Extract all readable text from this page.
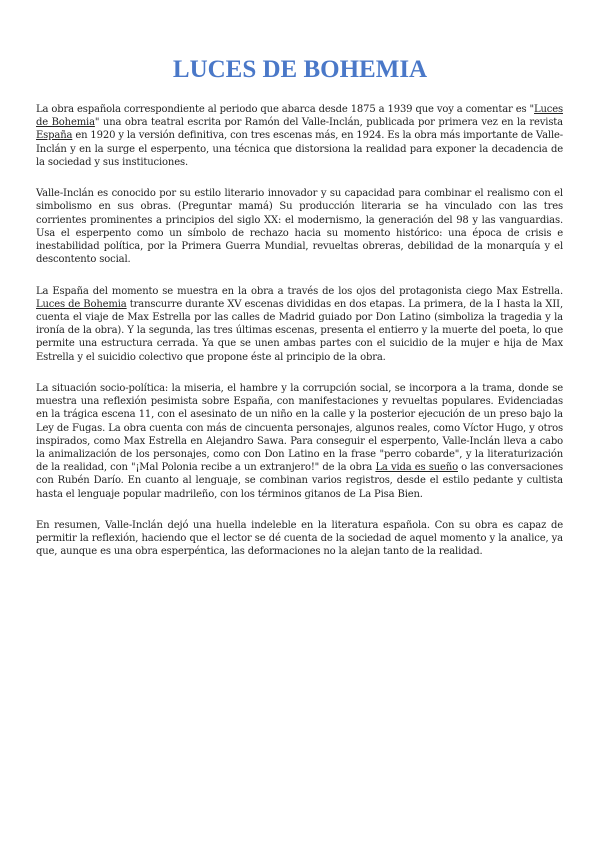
LUCES DE BOHEMIA

La obra española correspondiente al periodo que abarca desde 1875 a 1939 que voy a comentar es "Luces de Bohemia" una obra teatral escrita por Ramón del Valle-Inclán, publicada por primera vez en la revista España en 1920 y la versión definitiva, con tres escenas más, en 1924. Es la obra más importante de Valle-Inclán y en la surge el esperpento, una técnica que distorsiona la realidad para exponer la decadencia de la sociedad y sus instituciones.

Valle-Inclán es conocido por su estilo literario innovador y su capacidad para combinar el realismo con el simbolismo en sus obras. (Preguntar mamá) Su producción literaria se ha vinculado con las tres corrientes prominentes a principios del siglo XX: el modernismo, la generación del 98 y las vanguardias. Usa el esperpento como un símbolo de rechazo hacia su momento histórico: una época de crisis e inestabilidad política, por la Primera Guerra Mundial, revueltas obreras, debilidad de la monarquía y el descontento social.

La España del momento se muestra en la obra a través de los ojos del protagonista ciego Max Estrella. Luces de Bohemia transcurre durante XV escenas divididas en dos etapas. La primera, de la I hasta la XII, cuenta el viaje de Max Estrella por las calles de Madrid guiado por Don Latino (simboliza la tragedia y la ironía de la obra). Y la segunda, las tres últimas escenas, presenta el entierro y la muerte del poeta, lo que permite una estructura cerrada. Ya que se unen ambas partes con el suicidio de la mujer e hija de Max Estrella y el suicidio colectivo que propone éste al principio de la obra.

La situación socio-política: la miseria, el hambre y la corrupción social, se incorpora a la trama, donde se muestra una reflexión pesimista sobre España, con manifestaciones y revueltas populares. Evidenciadas en la trágica escena 11, con el asesinato de un niño en la calle y la posterior ejecución de un preso bajo la Ley de Fugas. La obra cuenta con más de cincuenta personajes, algunos reales, como Víctor Hugo, y otros inspirados, como Max Estrella en Alejandro Sawa. Para conseguir el esperpento, Valle-Inclán lleva a cabo la animalización de los personajes, como con Don Latino en la frase "perro cobarde", y la literaturización de la realidad, con "¡Mal Polonia recibe a un extranjero!" de la obra La vida es sueño o las conversaciones con Rubén Darío. En cuanto al lenguaje, se combinan varios registros, desde el estilo pedante y cultista hasta el lenguaje popular madrileño, con los términos gitanos de La Pisa Bien.

En resumen, Valle-Inclán dejó una huella indeleble en la literatura española. Con su obra es capaz de permitir la reflexión, haciendo que el lector se dé cuenta de la sociedad de aquel momento y la analice, ya que, aunque es una obra esperpéntica, las deformaciones no la alejan tanto de la realidad.
